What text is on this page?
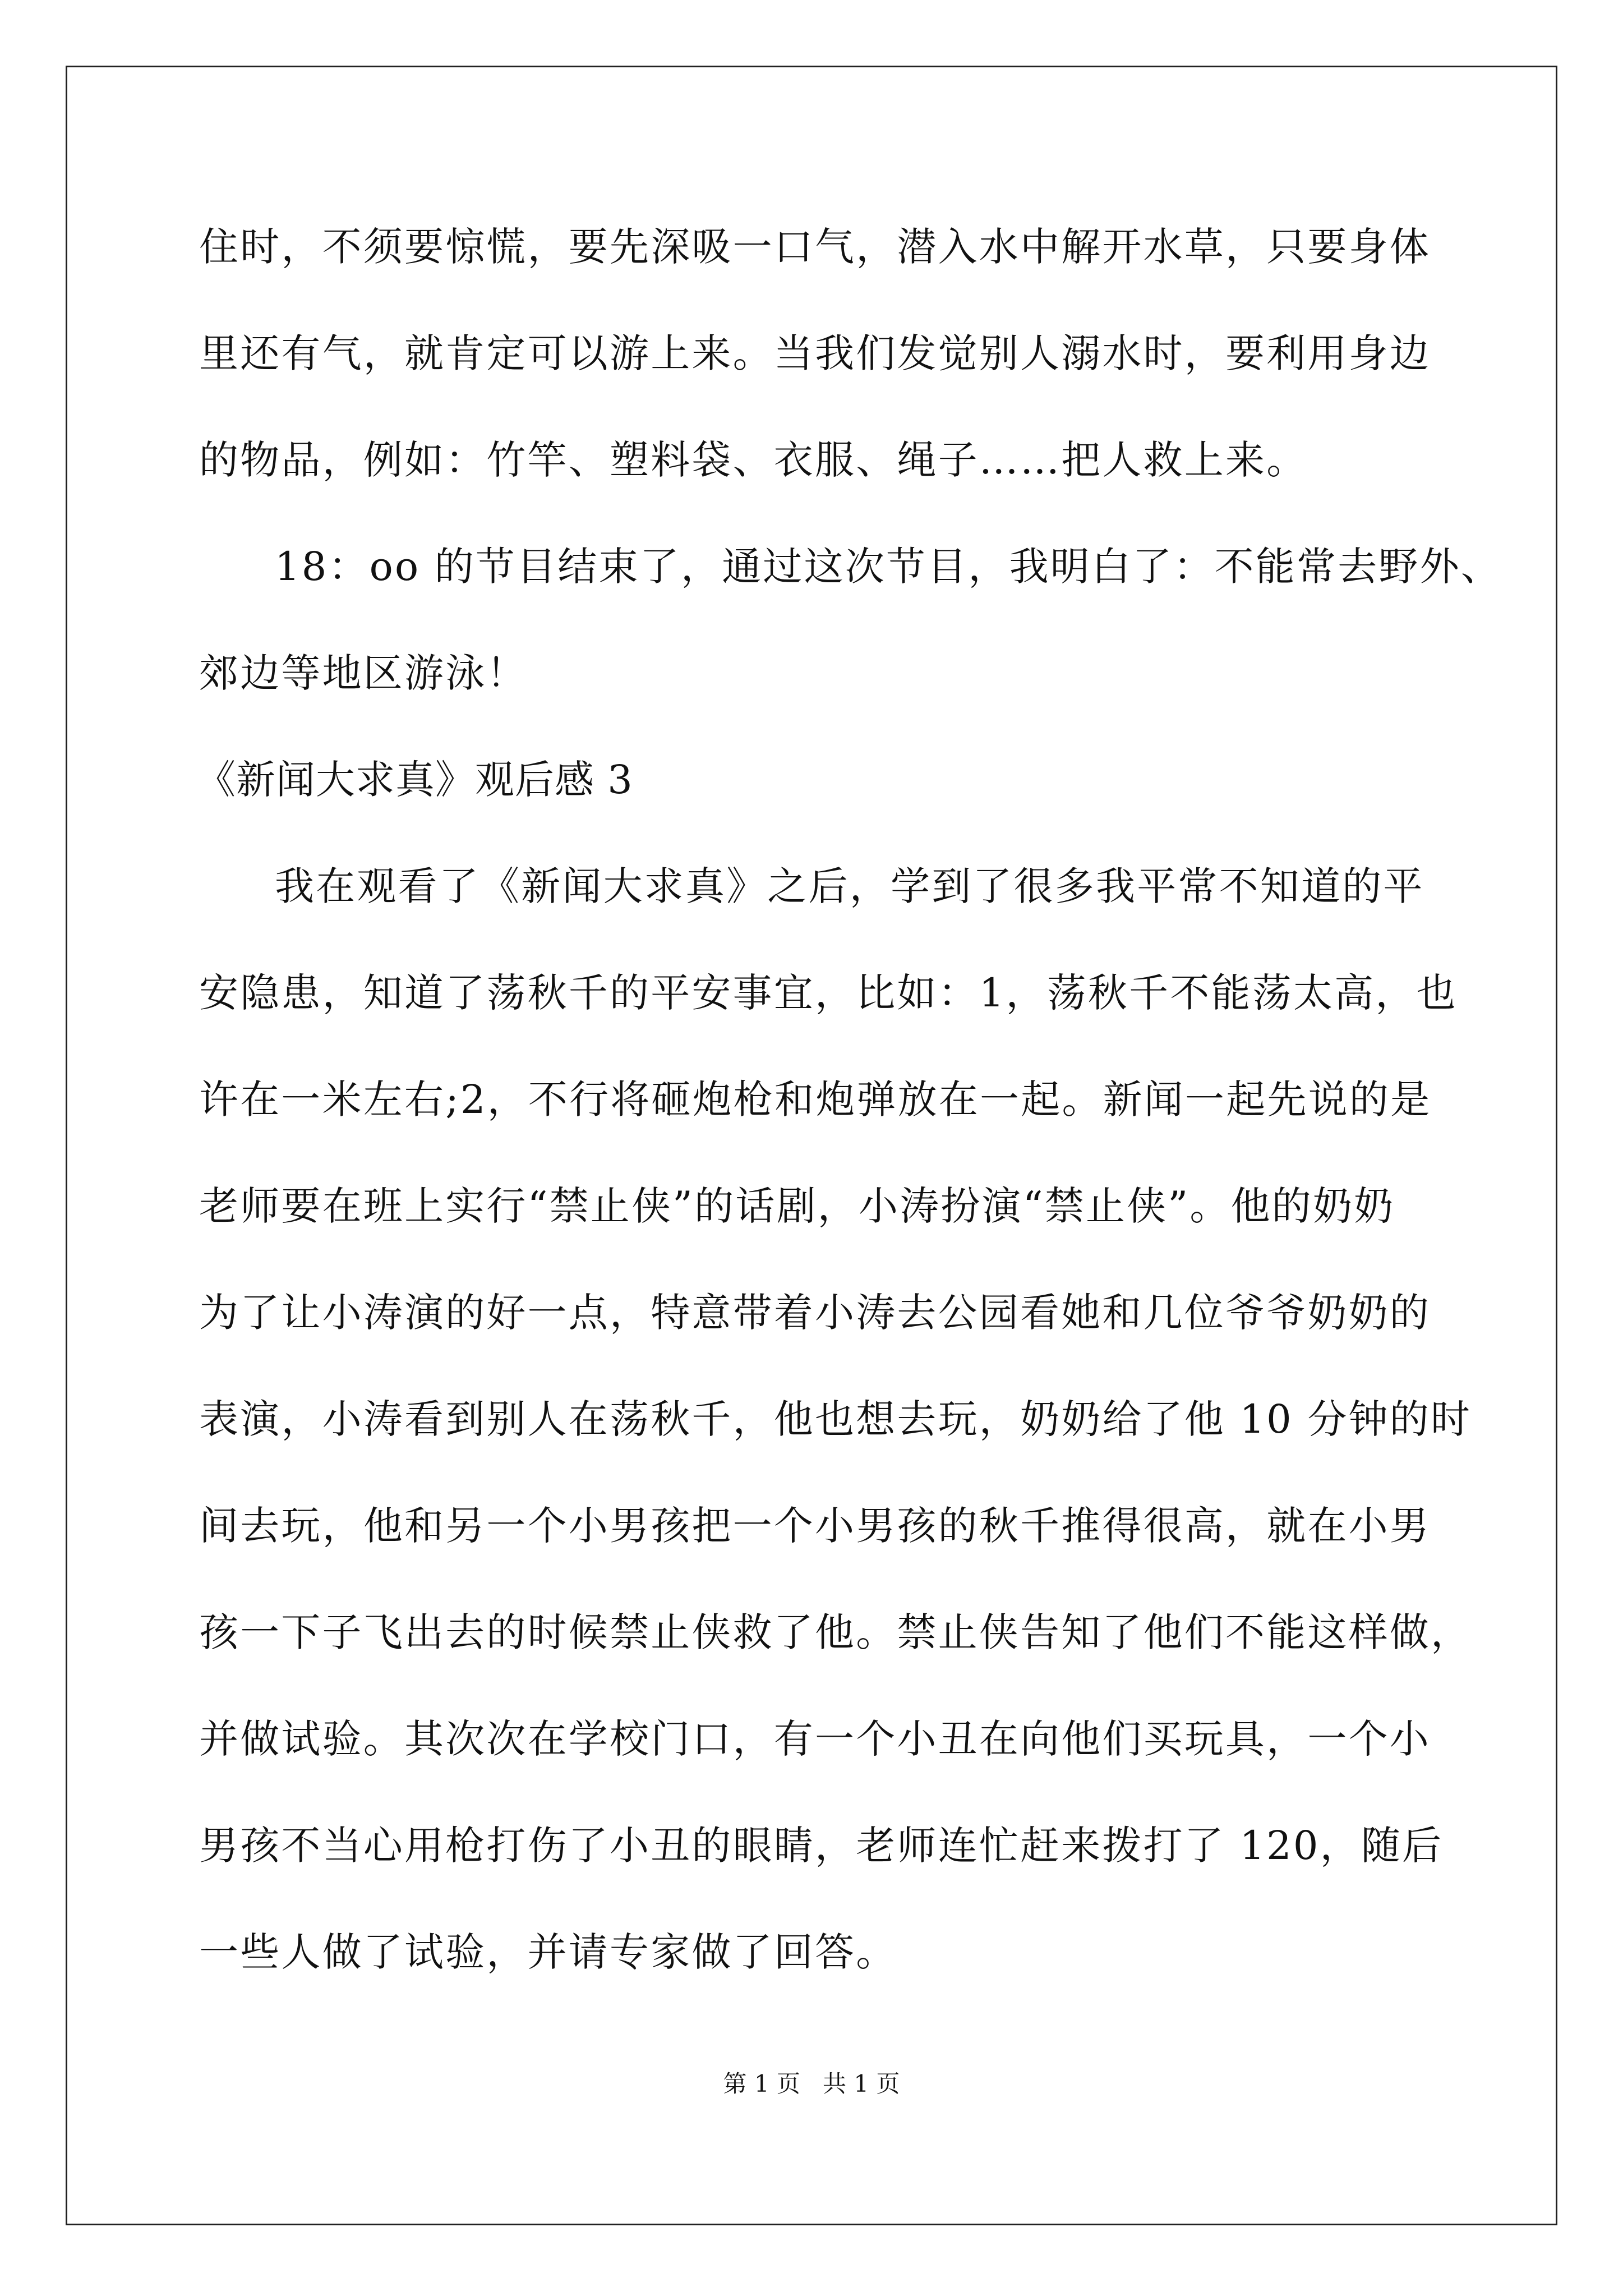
住时，不须要惊慌，要先深吸一口气，潜入水中解开水草，只要身体
里还有气，就肯定可以游上来。当我们发觉别人溺水时，要利用身边
的物品，例如：竹竿、塑料袋、衣服、绳子……把人救上来。
18：oo 的节目结束了，通过这次节目，我明白了：不能常去野外、
郊边等地区游泳！
《新闻大求真》观后感 3
我在观看了《新闻大求真》之后，学到了很多我平常不知道的平
安隐患，知道了荡秋千的平安事宜，比如：1，荡秋千不能荡太高，也
许在一米左右;2，不行将砸炮枪和炮弹放在一起。新闻一起先说的是
老师要在班上实行“禁止侠”的话剧，小涛扮演“禁止侠”。他的奶奶
为了让小涛演的好一点，特意带着小涛去公园看她和几位爷爷奶奶的
表演，小涛看到别人在荡秋千，他也想去玩，奶奶给了他 10 分钟的时
间去玩，他和另一个小男孩把一个小男孩的秋千推得很高，就在小男
孩一下子飞出去的时候禁止侠救了他。禁止侠告知了他们不能这样做，
并做试验。其次次在学校门口，有一个小丑在向他们买玩具，一个小
男孩不当心用枪打伤了小丑的眼睛，老师连忙赶来拨打了 120，随后
一些人做了试验，并请专家做了回答。
第 1 页   共 1 页
